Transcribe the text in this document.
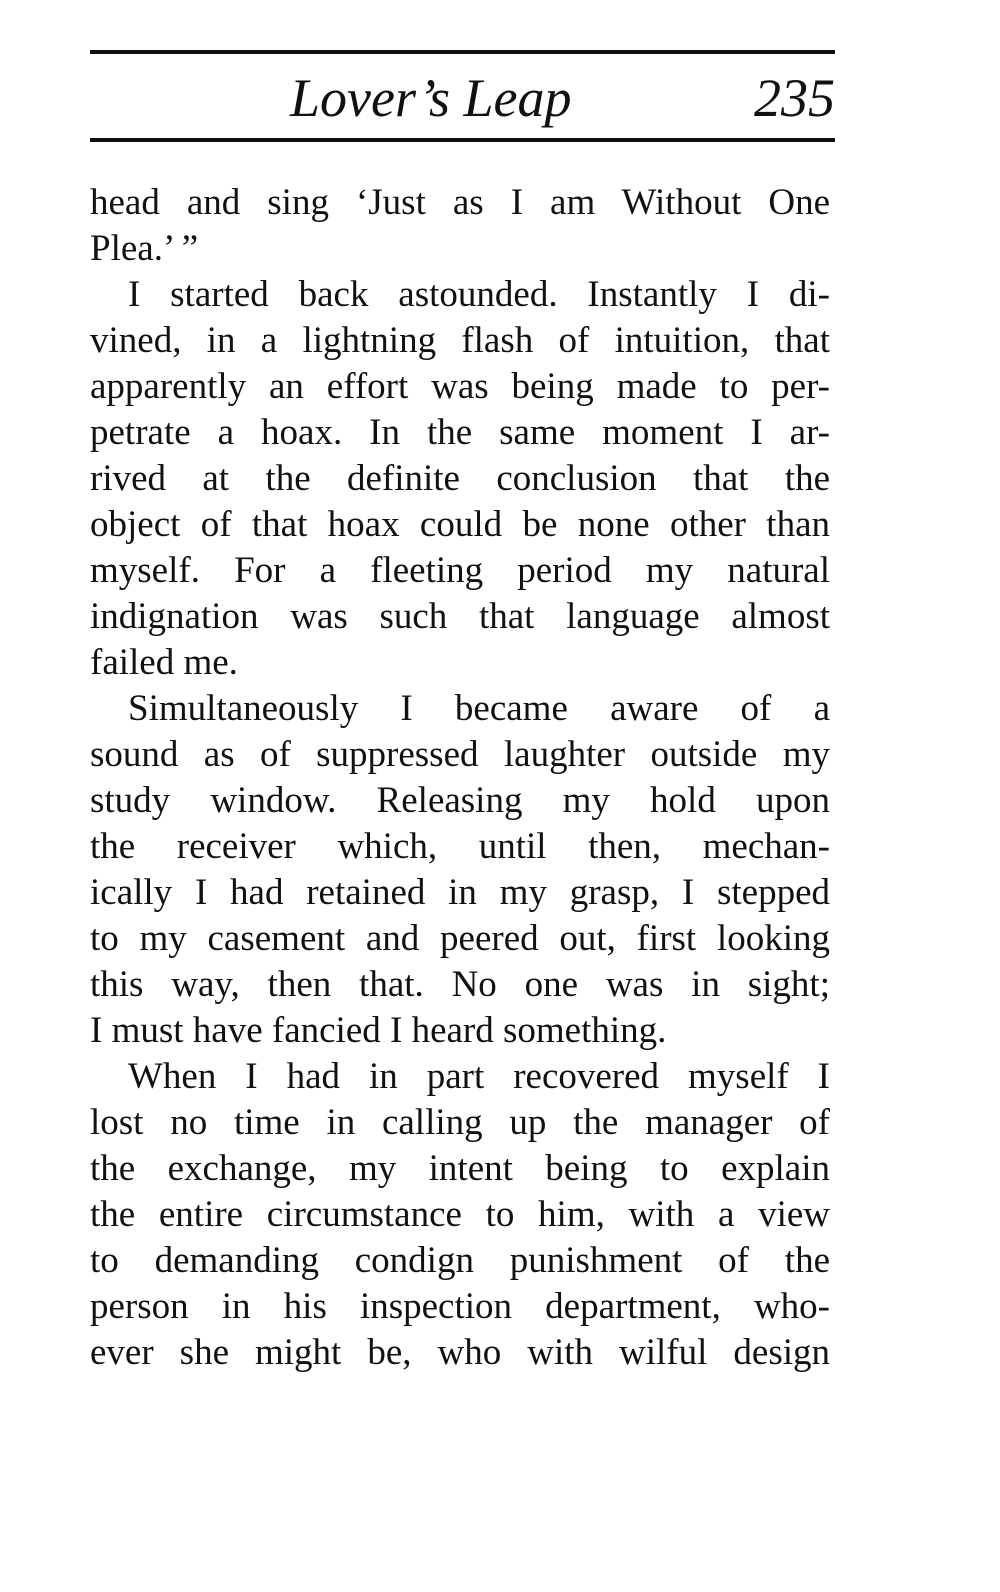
Lover’s Leap	235
head and sing ‘Just as I am Without One
Plea.’ ”
I started back astounded. Instantly I di-
vined, in a lightning flash of intuition, that
apparently an effort was being made to per-
petrate a hoax. In the same moment I ar-
rived at the definite conclusion that the
object of that hoax could be none other than
myself. For a fleeting period my natural
indignation was such that language almost
failed me.
Simultaneously I became aware of a
sound as of suppressed laughter outside my
study window. Releasing my hold upon
the receiver which, until then, mechan-
ically I had retained in my grasp, I stepped
to my casement and peered out, first looking
this way, then that. No one was in sight;
I must have fancied I heard something.
When I had in part recovered myself I
lost no time in calling up the manager of
the exchange, my intent being to explain
the entire circumstance to him, with a view
to demanding condign punishment of the
person in his inspection department, who-
ever she might be, who with wilful design
